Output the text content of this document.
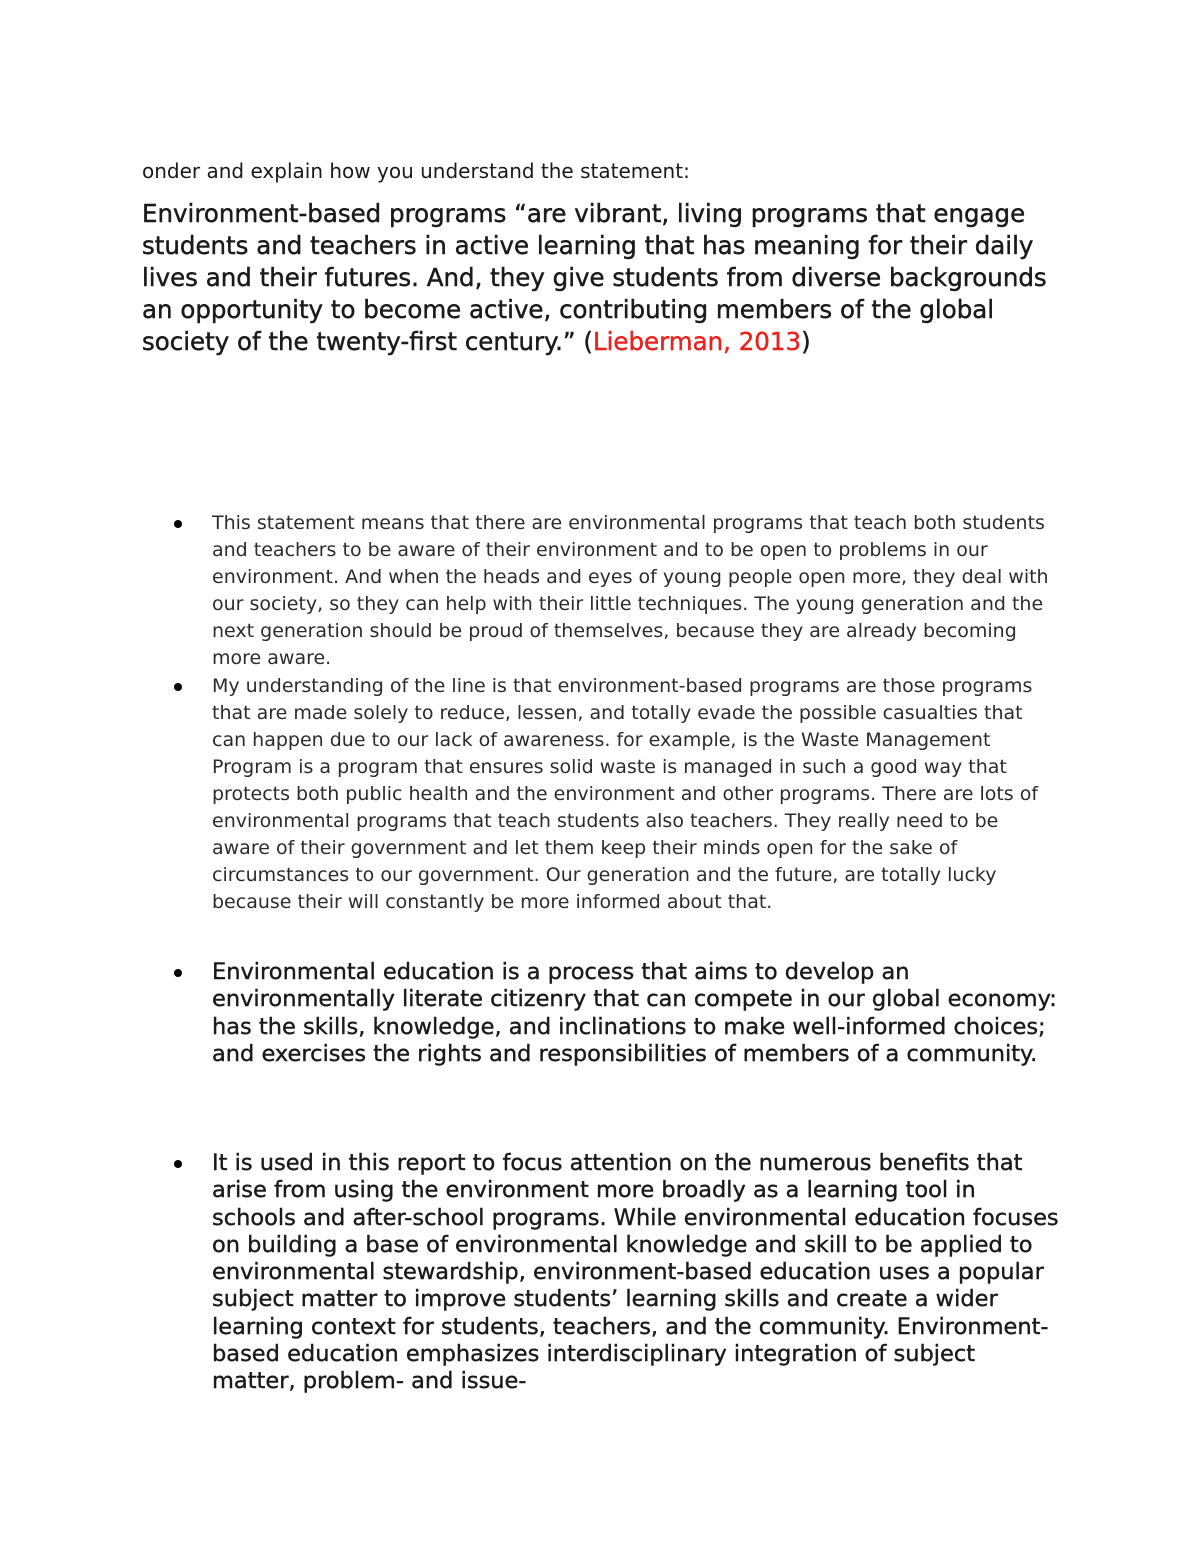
onder and explain how you understand the statement:

Environment-based programs “are vibrant, living programs that engage students and teachers in active learning that has meaning for their daily lives and their futures. And, they give students from diverse backgrounds an opportunity to become active, contributing members of the global society of the twenty-first century.” (Lieberman, 2013)

This statement means that there are environmental programs that teach both students and teachers to be aware of their environment and to be open to problems in our environment. And when the heads and eyes of young people open more, they deal with our society, so they can help with their little techniques. The young generation and the next generation should be proud of themselves, because they are already becoming more aware.
My understanding of the line is that environment-based programs are those programs that are made solely to reduce, lessen, and totally evade the possible casualties that can happen due to our lack of awareness. for example, is the Waste Management Program is a program that ensures solid waste is managed in such a good way that protects both public health and the environment and other programs. There are lots of environmental programs that teach students also teachers. They really need to be aware of their government and let them keep their minds open for the sake of circumstances to our government. Our generation and the future, are totally lucky because their will constantly be more informed about that.
Environmental education is a process that aims to develop an environmentally literate citizenry that can compete in our global economy: has the skills, knowledge, and inclinations to make well-informed choices; and exercises the rights and responsibilities of members of a community.
It is used in this report to focus attention on the numerous benefits that arise from using the environment more broadly as a learning tool in schools and after-school programs. While environmental education focuses on building a base of environmental knowledge and skill to be applied to environmental stewardship, environment-based education uses a popular subject matter to improve students’ learning skills and create a wider learning context for students, teachers, and the community. Environment- based education emphasizes interdisciplinary integration of subject matter, problem- and issue-
